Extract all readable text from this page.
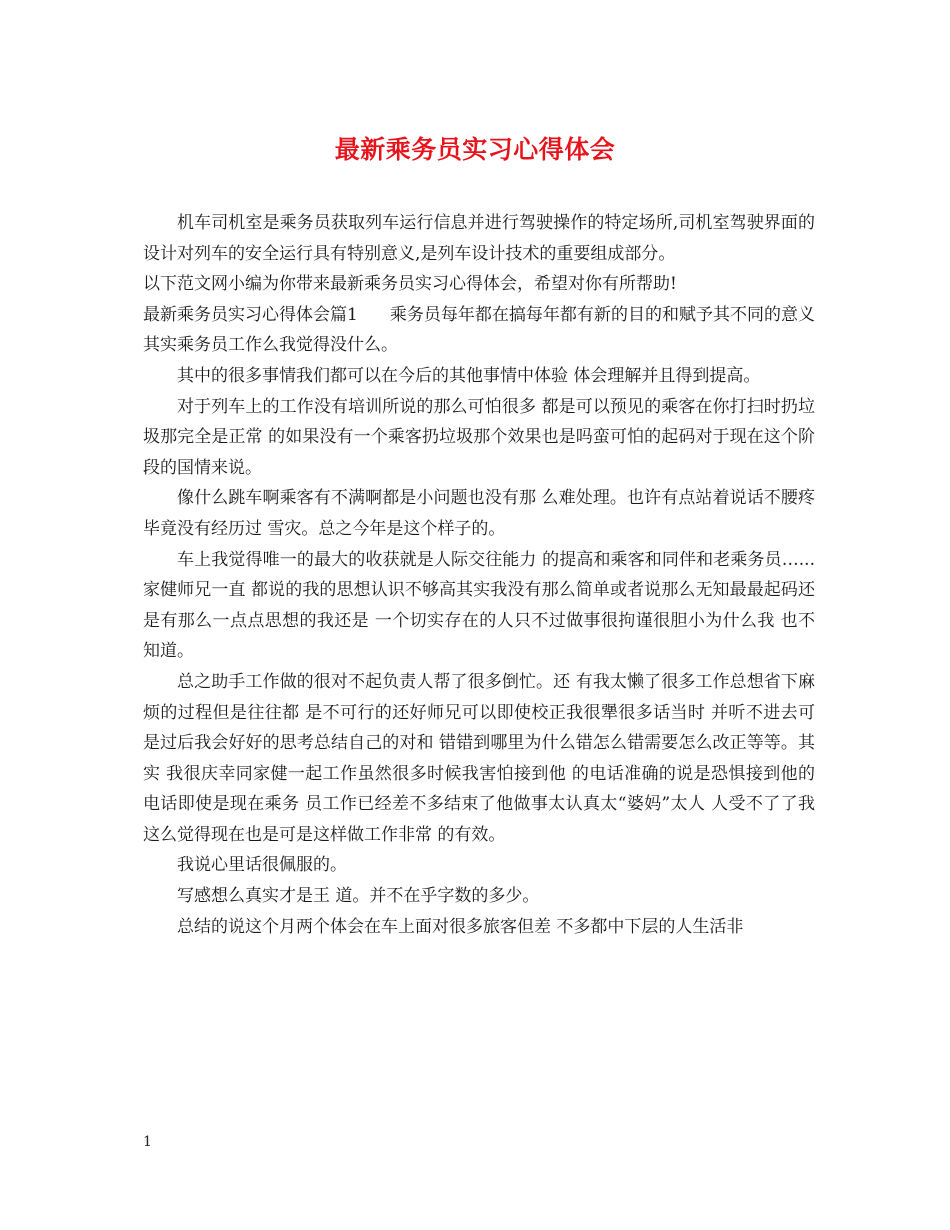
最新乘务员实习心得体会

机车司机室是乘务员获取列车运行信息并进行驾驶操作的特定场所,司机室驾驶界面的设计对列车的安全运行具有特别意义,是列车设计技术的重要组成部分。

以下范文网小编为你带来最新乘务员实习心得体会，希望对你有所帮助!

最新乘务员实习心得体会篇1 乘务员每年都在搞每年都有新的目的和赋予其不同的意义其实乘务员工作么我觉得没什么。

其中的很多事情我们都可以在今后的其他事情中体验 体会理解并且得到提高。

对于列车上的工作没有培训所说的那么可怕很多 都是可以预见的乘客在你打扫时扔垃圾那完全是正常 的如果没有一个乘客扔垃圾那个效果也是吗蛮可怕的起码对于现在这个阶段的国情来说。

像什么跳车啊乘客有不满啊都是小问题也没有那 么难处理。也许有点站着说话不腰疼毕竟没有经历过 雪灾。总之今年是这个样子的。

车上我觉得唯一的最大的收获就是人际交往能力 的提高和乘客和同伴和老乘务员…... 家健师兄一直 都说的我的思想认识不够高其实我没有那么简单或者说那么无知最最起码还是有那么一点点思想的我还是 一个切实存在的人只不过做事很拘谨很胆小为什么我 也不知道。

总之助手工作做的很对不起负责人帮了很多倒忙。还 有我太懒了很多工作总想省下麻烦的过程但是往往都 是不可行的还好师兄可以即使校正我很犟很多话当时 并听不进去可是过后我会好好的思考总结自己的对和 错错到哪里为什么错怎么错需要怎么改正等等。其实 我很庆幸同家健一起工作虽然很多时候我害怕接到他 的电话准确的说是恐惧接到他的电话即使是现在乘务 员工作已经差不多结束了他做事太认真太“婆妈”太人 人受不了了我这么觉得现在也是可是这样做工作非常 的有效。

我说心里话很佩服的。

写感想么真实才是王 道。并不在乎字数的多少。

总结的说这个月两个体会在车上面对很多旅客但差 不多都中下层的人生活非

1
